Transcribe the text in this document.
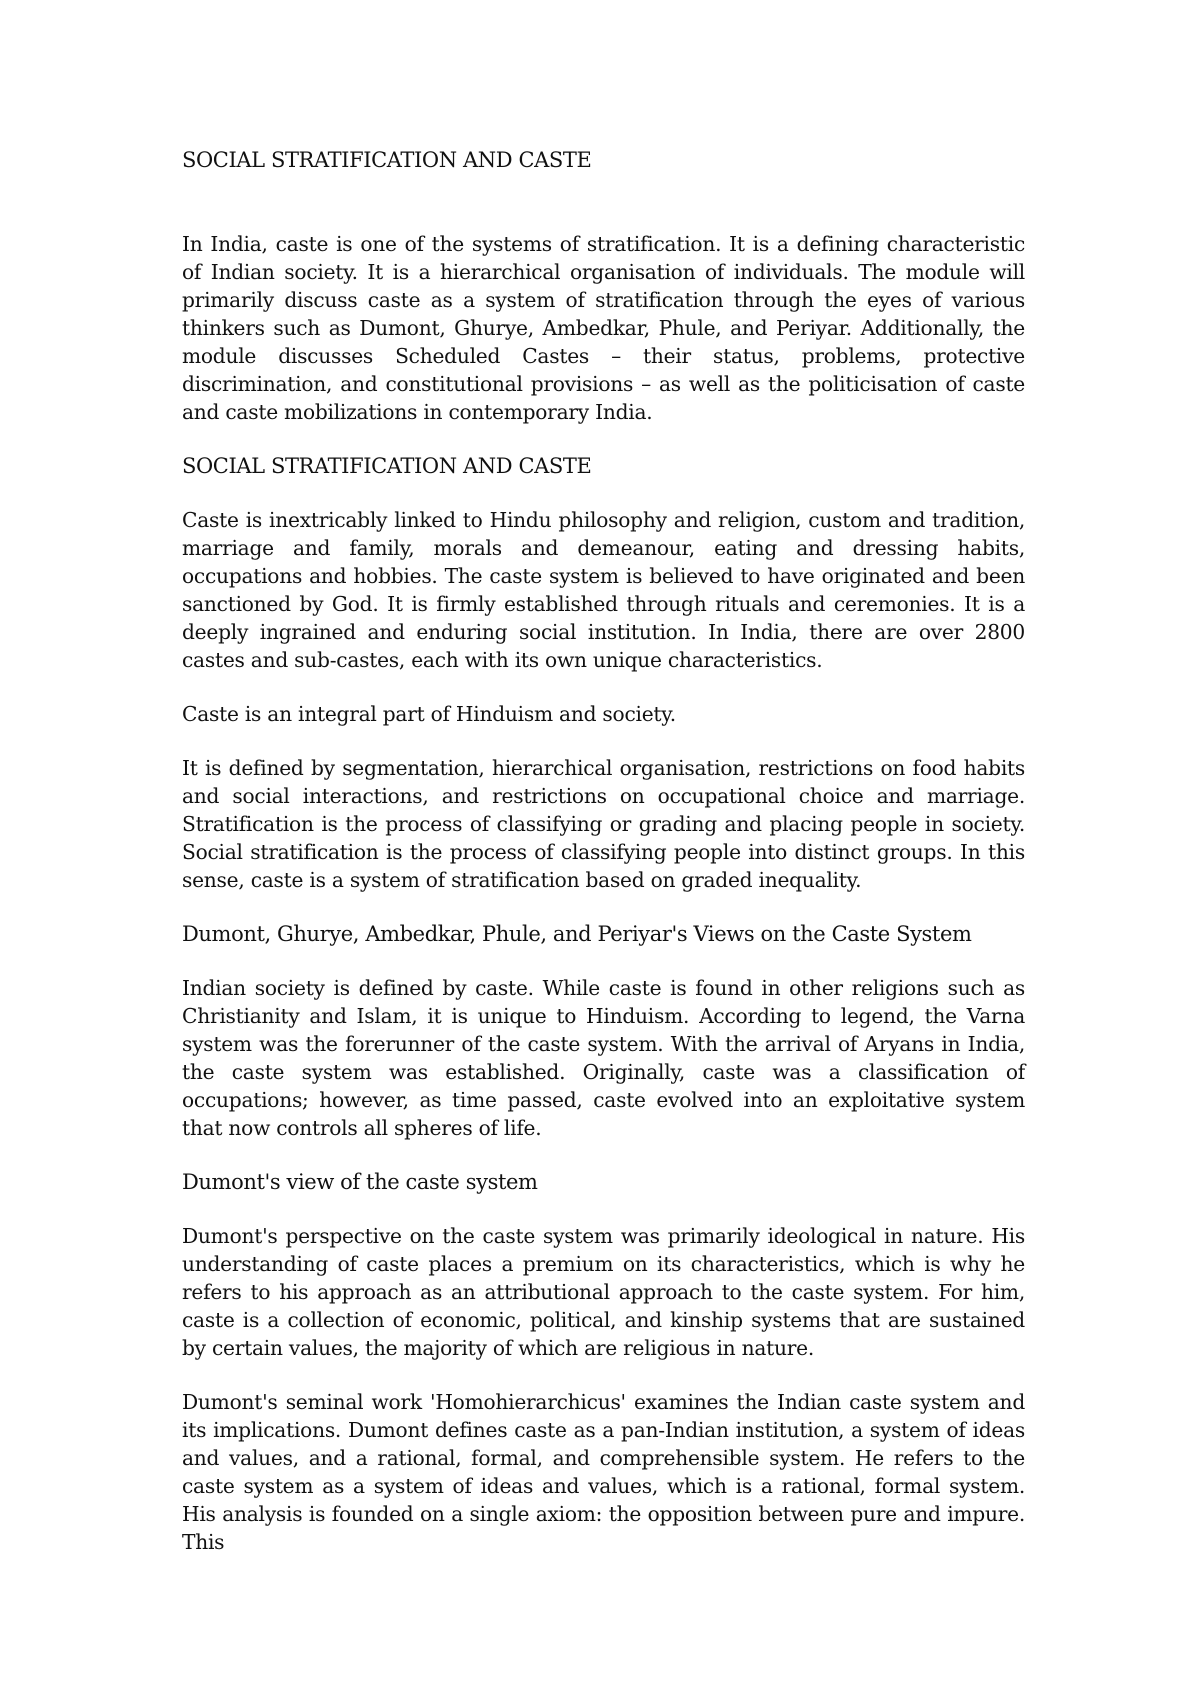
SOCIAL STRATIFICATION AND CASTE

In India, caste is one of the systems of stratification. It is a defining characteristic of Indian society. It is a hierarchical organisation of individuals. The module will primarily discuss caste as a system of stratification through the eyes of various thinkers such as Dumont, Ghurye, Ambedkar, Phule, and Periyar. Additionally, the module discusses Scheduled Castes – their status, problems, protective discrimination, and constitutional provisions – as well as the politicisation of caste and caste mobilizations in contemporary India.

SOCIAL STRATIFICATION AND CASTE

Caste is inextricably linked to Hindu philosophy and religion, custom and tradition, marriage and family, morals and demeanour, eating and dressing habits, occupations and hobbies. The caste system is believed to have originated and been sanctioned by God. It is firmly established through rituals and ceremonies. It is a deeply ingrained and enduring social institution. In India, there are over 2800 castes and sub-castes, each with its own unique characteristics.

Caste is an integral part of Hinduism and society.

It is defined by segmentation, hierarchical organisation, restrictions on food habits and social interactions, and restrictions on occupational choice and marriage. Stratification is the process of classifying or grading and placing people in society. Social stratification is the process of classifying people into distinct groups. In this sense, caste is a system of stratification based on graded inequality.

Dumont, Ghurye, Ambedkar, Phule, and Periyar's Views on the Caste System

Indian society is defined by caste. While caste is found in other religions such as Christianity and Islam, it is unique to Hinduism. According to legend, the Varna system was the forerunner of the caste system. With the arrival of Aryans in India, the caste system was established. Originally, caste was a classification of occupations; however, as time passed, caste evolved into an exploitative system that now controls all spheres of life.

Dumont's view of the caste system

Dumont's perspective on the caste system was primarily ideological in nature. His understanding of caste places a premium on its characteristics, which is why he refers to his approach as an attributional approach to the caste system. For him, caste is a collection of economic, political, and kinship systems that are sustained by certain values, the majority of which are religious in nature.

Dumont's seminal work 'Homohierarchicus' examines the Indian caste system and its implications. Dumont defines caste as a pan-Indian institution, a system of ideas and values, and a rational, formal, and comprehensible system. He refers to the caste system as a system of ideas and values, which is a rational, formal system. His analysis is founded on a single axiom: the opposition between pure and impure. This
